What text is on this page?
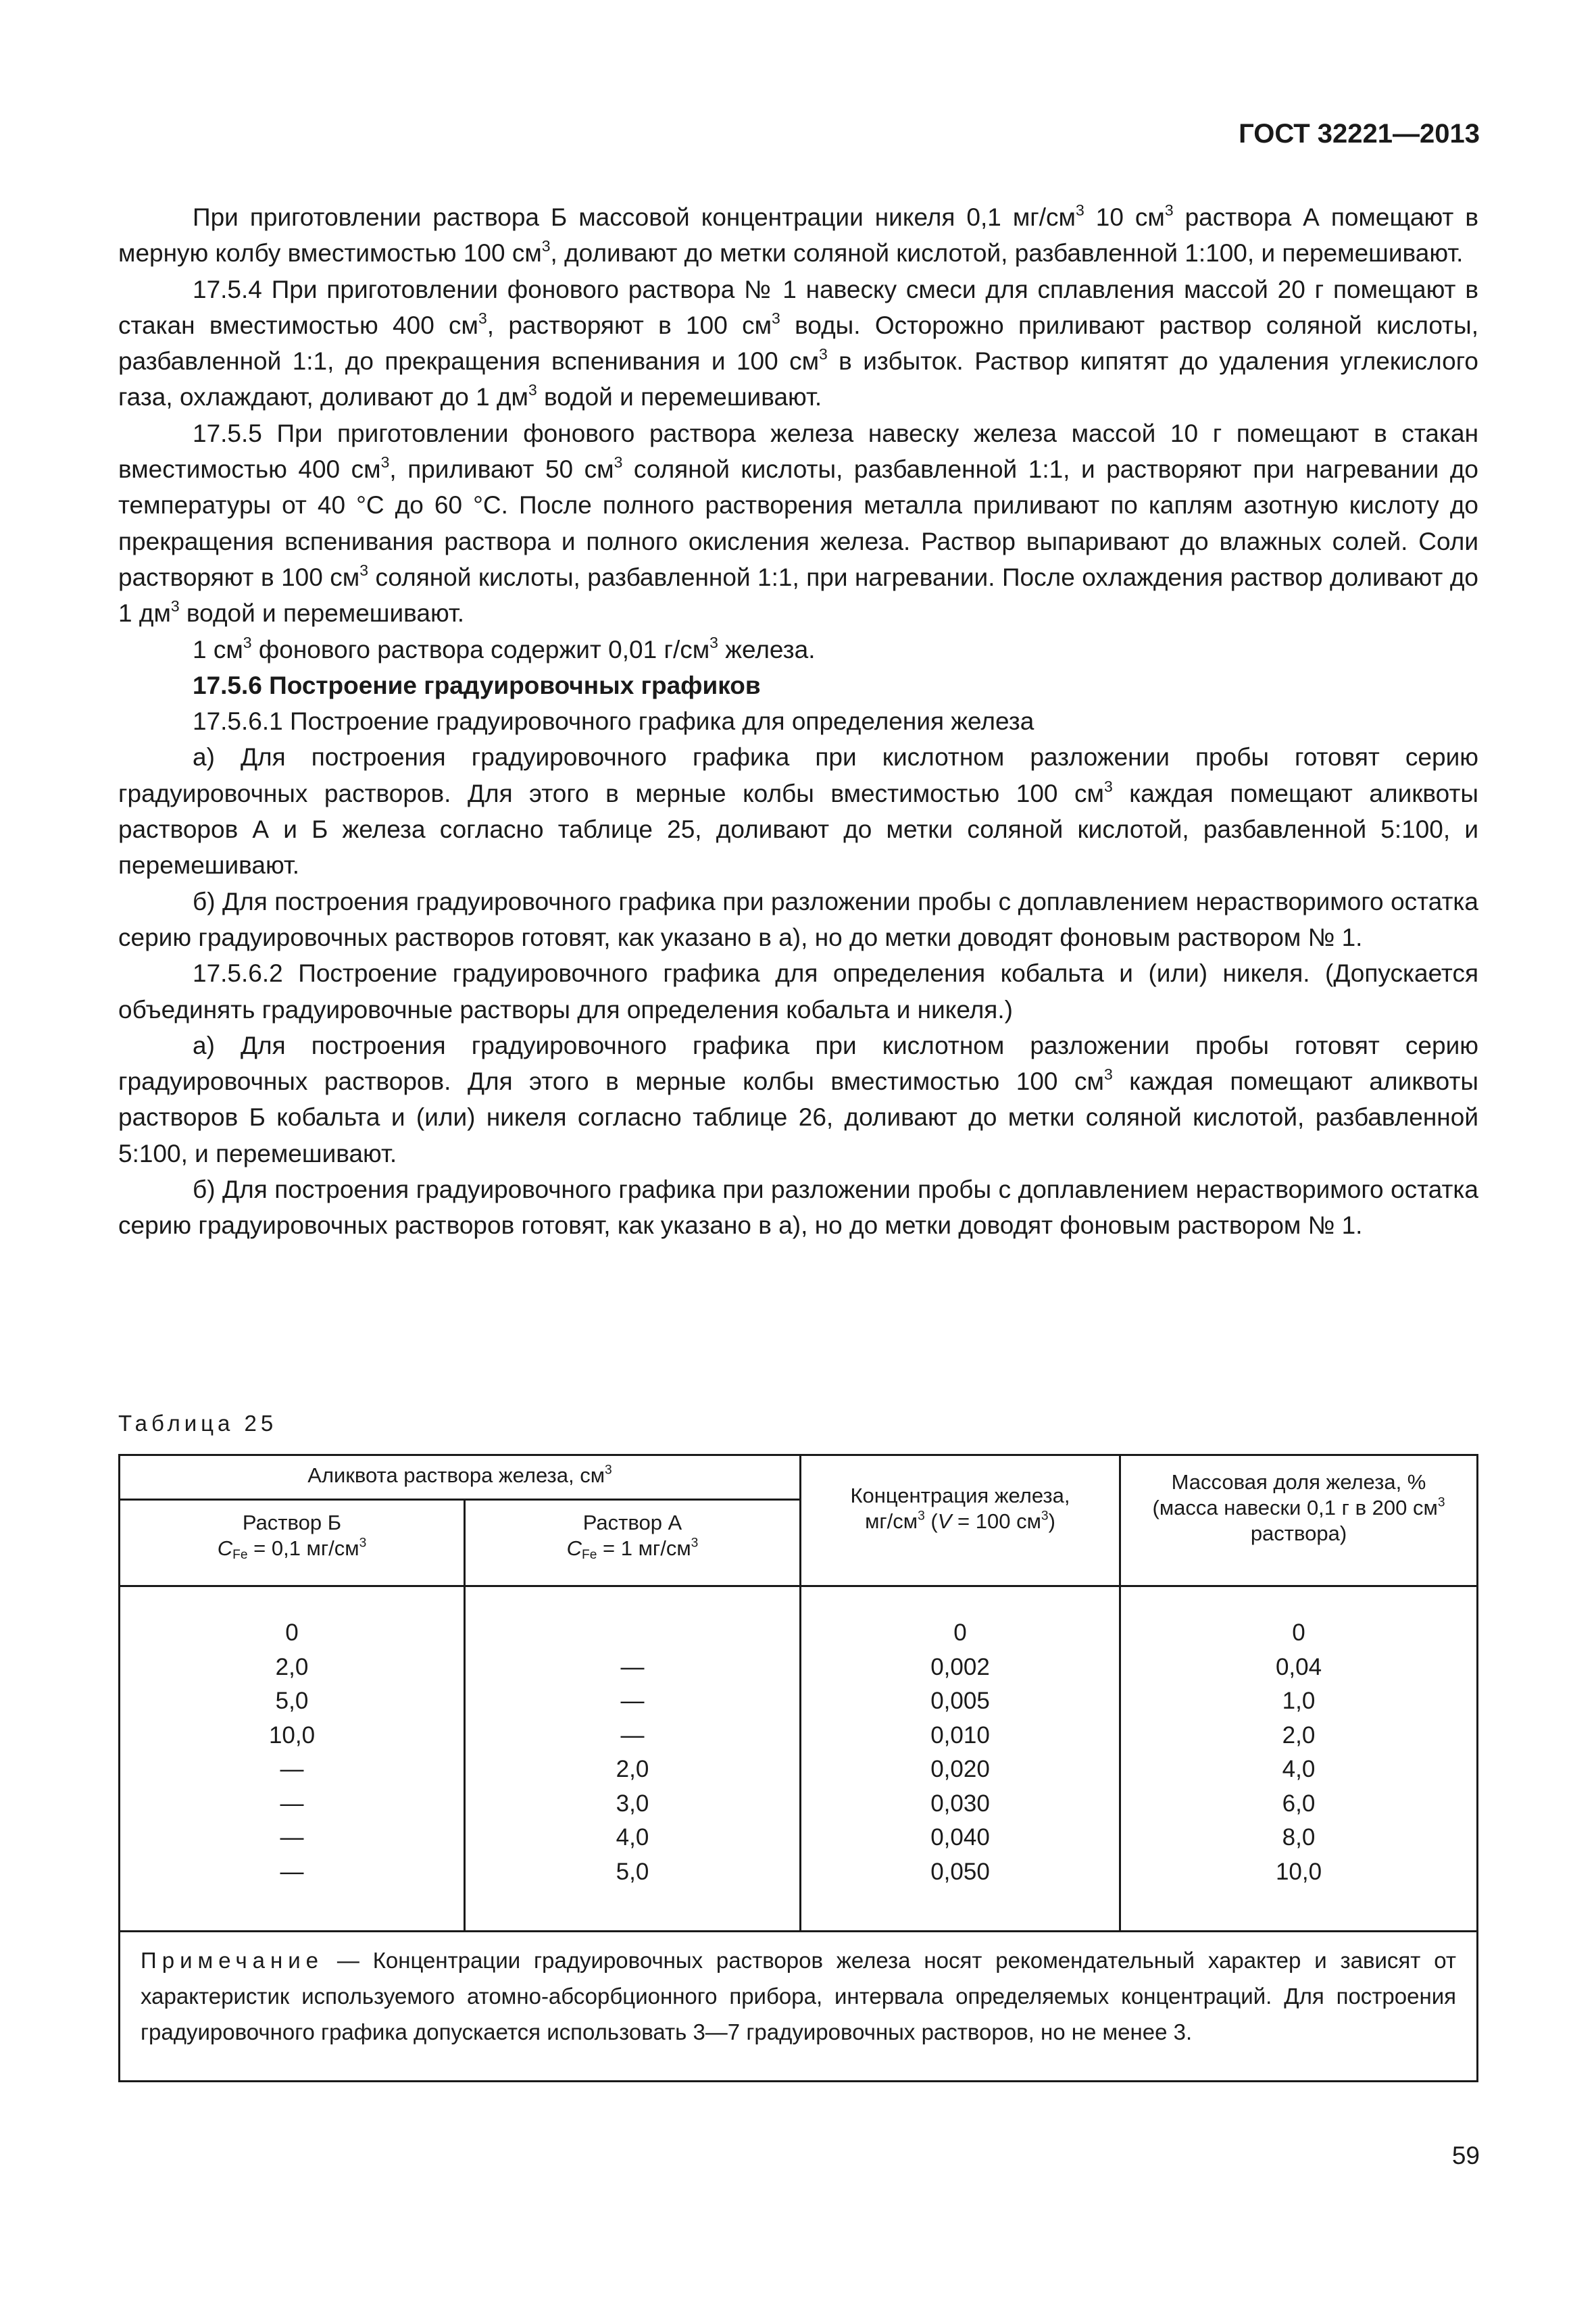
ГОСТ 32221—2013

При приготовлении раствора Б массовой концентрации никеля 0,1 $мг/см^3$ 10 $см^3$ раствора А помещают в мерную колбу вместимостью 100 $см^3$, доливают до метки соляной кислотой, разбавленной 1:100, и перемешивают.

17.5.4 При приготовлении фонового раствора № 1 навеску смеси для сплавления массой 20 г помещают в стакан вместимостью 400 $см^3$, растворяют в 100 $см^3$ воды. Осторожно приливают раствор соляной кислоты, разбавленной 1:1, до прекращения вспенивания и 100 $см^3$ в избыток. Раствор кипятят до удаления углекислого газа, охлаждают, доливают до 1 $дм^3$ водой и перемешивают.

17.5.5 При приготовлении фонового раствора железа навеску железа массой 10 г помещают в стакан вместимостью 400 $см^3$, приливают 50 $см^3$ соляной кислоты, разбавленной 1:1, и растворяют при нагревании до температуры от 40 °С до 60 °С. После полного растворения металла приливают по каплям азотную кислоту до прекращения вспенивания раствора и полного окисления железа. Раствор выпаривают до влажных солей. Соли растворяют в 100 $см^3$ соляной кислоты, разбавленной 1:1, при нагревании. После охлаждения раствор доливают до 1 $дм^3$ водой и перемешивают.

1 $см^3$ фонового раствора содержит 0,01 $г/см^3$ железа.

17.5.6 Построение градуировочных графиков

17.5.6.1 Построение градуировочного графика для определения железа

а) Для построения градуировочного графика при кислотном разложении пробы готовят серию градуировочных растворов. Для этого в мерные колбы вместимостью 100 $см^3$ каждая помещают аликвоты растворов А и Б железа согласно таблице 25, доливают до метки соляной кислотой, разбавленной 5:100, и перемешивают.

б) Для построения градуировочного графика при разложении пробы с доплавлением нерастворимого остатка серию градуировочных растворов готовят, как указано в а), но до метки доводят фоновым раствором № 1.

17.5.6.2 Построение градуировочного графика для определения кобальта и (или) никеля. (Допускается объединять градуировочные растворы для определения кобальта и никеля.)

а) Для построения градуировочного графика при кислотном разложении пробы готовят серию градуировочных растворов. Для этого в мерные колбы вместимостью 100 $см^3$ каждая помещают аликвоты растворов Б кобальта и (или) никеля согласно таблице 26, доливают до метки соляной кислотой, разбавленной 5:100, и перемешивают.

б) Для построения градуировочного графика при разложении пробы с доплавлением нерастворимого остатка серию градуировочных растворов готовят, как указано в а), но до метки доводят фоновым раствором № 1.

Таблица 25
Аликвота раствора железа, $см^3$
Раствор Б
$C_{Fe} = 0,1$ $мг/см^3$
Раствор А
$C_{Fe} = 1$ $мг/см^3$
Концентрация железа,
$мг/см^3$ (V = 100 $см^3$)
Массовая доля железа, %
(масса навески 0,1 г в 200 $см^3$
раствора)
0
2,0
5,0
10,0
—
—
—
—

—
—
—
2,0
3,0
4,0
5,0
0
0,002
0,005
0,010
0,020
0,030
0,040
0,050
0
0,04
1,0
2,0
4,0
6,0
8,0
10,0
Примечание — Концентрации градуировочных растворов железа носят рекомендательный характер и зависят от характеристик используемого атомно-абсорбционного прибора, интервала определяемых концентраций. Для построения градуировочного графика допускается использовать 3—7 градуировочных растворов, но не менее 3.
59
